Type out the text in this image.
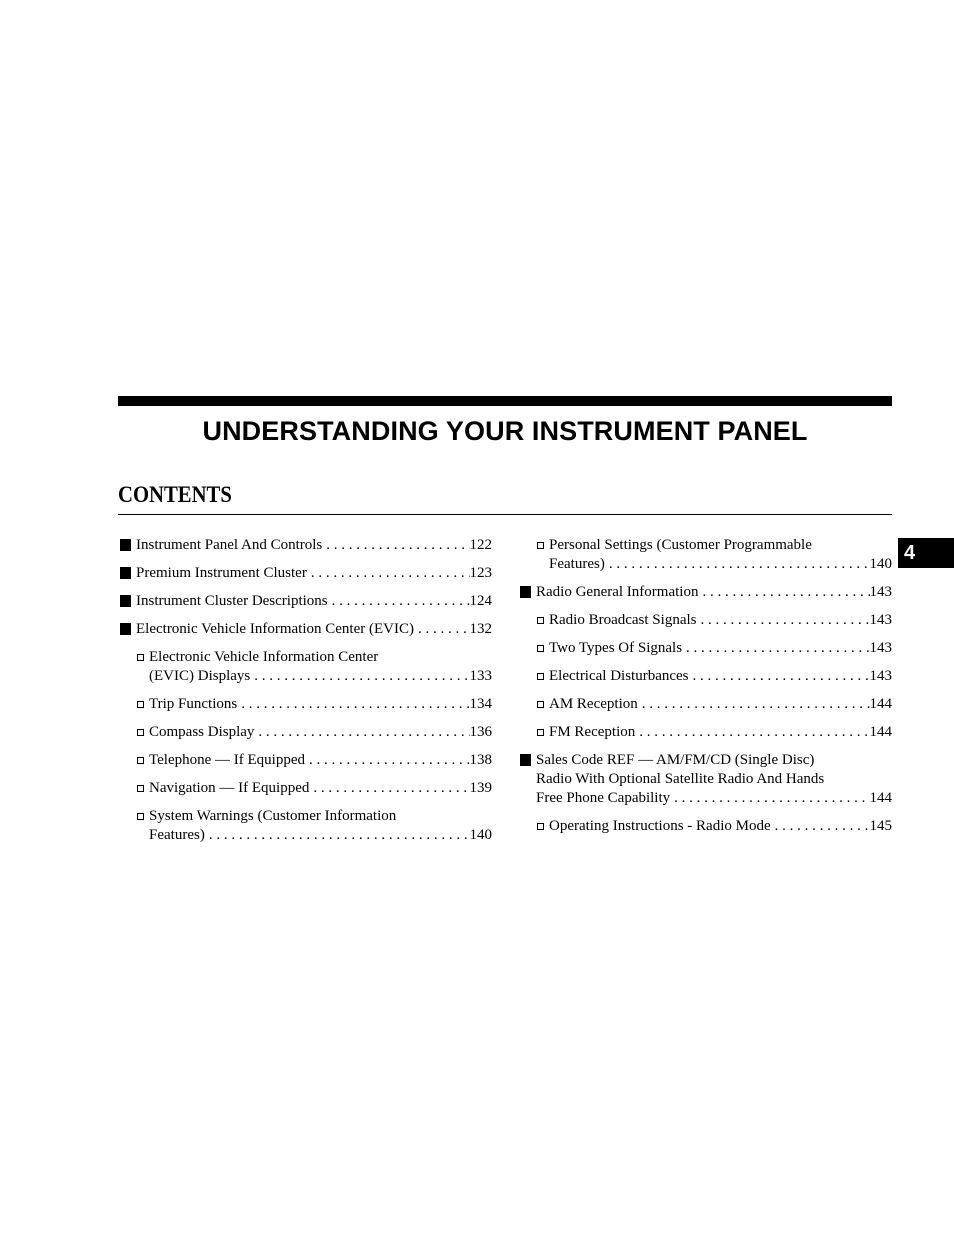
UNDERSTANDING YOUR INSTRUMENT PANEL
CONTENTS
4
Instrument Panel And Controls . . .	122
Premium Instrument Cluster . . .	123
Instrument Cluster Descriptions . . .	124
Electronic Vehicle Information Center (EVIC) . . .	132
Electronic Vehicle Information Center
(EVIC) Displays . . .	133
Trip Functions . . .	134
Compass Display . . .	136
Telephone — If Equipped . . .	138
Navigation — If Equipped . . .	139
System Warnings (Customer Information
Features) . . .	140
Personal Settings (Customer Programmable
Features) . . .	140
Radio General Information . . .	143
Radio Broadcast Signals . . .	143
Two Types Of Signals . . .	143
Electrical Disturbances . . .	143
AM Reception . . .	144
FM Reception . . .	144
Sales Code REF — AM/FM/CD (Single Disc)
Radio With Optional Satellite Radio And Hands
Free Phone Capability . . .	144
Operating Instructions - Radio Mode . . .	145
